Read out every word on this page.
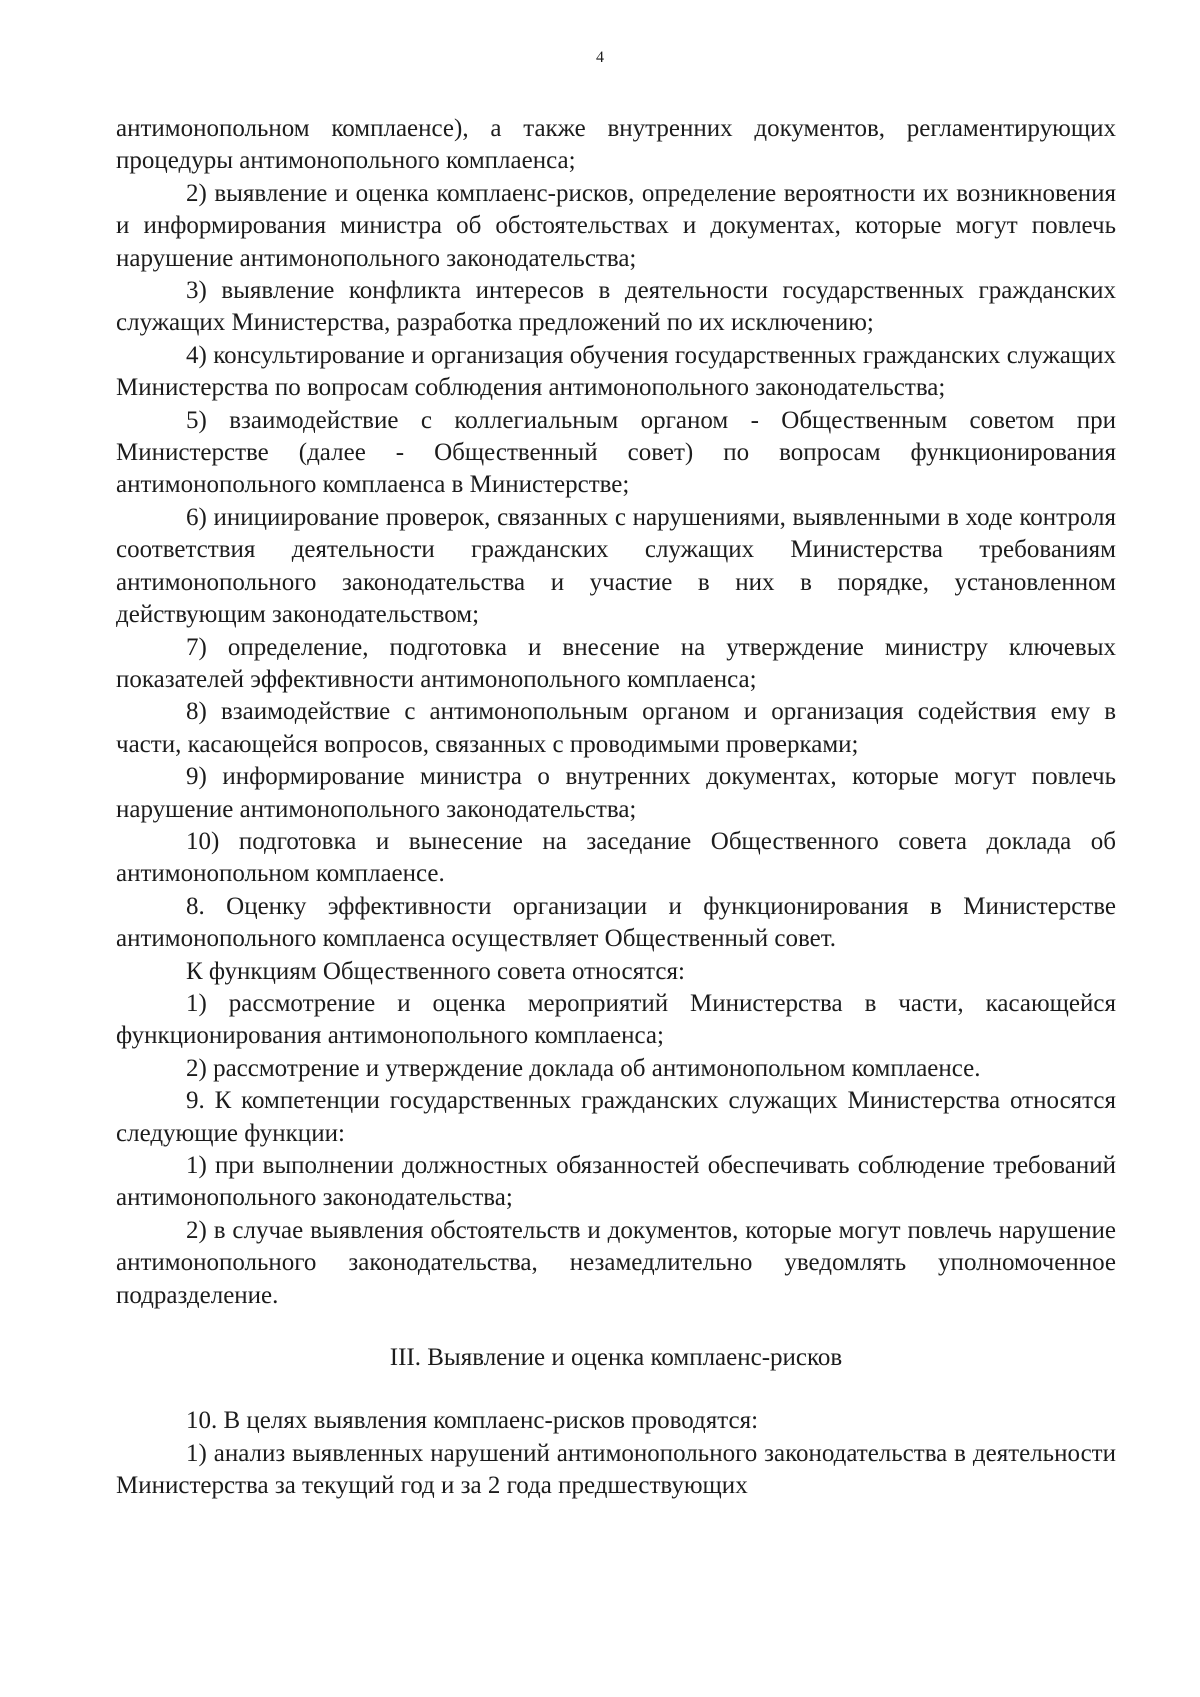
4

антимонопольном комплаенсе), а также внутренних документов, регламентирующих процедуры антимонопольного комплаенса;

2) выявление и оценка комплаенс-рисков, определение вероятности их возникновения и информирования министра об обстоятельствах и документах, которые могут повлечь нарушение антимонопольного законодательства;

3) выявление конфликта интересов в деятельности государственных гражданских служащих Министерства, разработка предложений по их исключению;

4) консультирование и организация обучения государственных гражданских служащих Министерства по вопросам соблюдения антимонопольного законодательства;

5) взаимодействие с коллегиальным органом - Общественным советом при Министерстве (далее - Общественный совет) по вопросам функционирования антимонопольного комплаенса в Министерстве;

6) инициирование проверок, связанных с нарушениями, выявленными в ходе контроля соответствия деятельности гражданских служащих Министерства требованиям антимонопольного законодательства и участие в них в порядке, установленном действующим законодательством;

7) определение, подготовка и внесение на утверждение министру ключевых показателей эффективности антимонопольного комплаенса;

8) взаимодействие с антимонопольным органом и организация содействия ему в части, касающейся вопросов, связанных с проводимыми проверками;

9) информирование министра о внутренних документах, которые могут повлечь нарушение антимонопольного законодательства;

10) подготовка и вынесение на заседание Общественного совета доклада об антимонопольном комплаенсе.

8. Оценку эффективности организации и функционирования в Министерстве антимонопольного комплаенса осуществляет Общественный совет.

К функциям Общественного совета относятся:

1) рассмотрение и оценка мероприятий Министерства в части, касающейся функционирования антимонопольного комплаенса;

2) рассмотрение и утверждение доклада об антимонопольном комплаенсе.

9. К компетенции государственных гражданских служащих Министерства относятся следующие функции:

1) при выполнении должностных обязанностей обеспечивать соблюдение требований антимонопольного законодательства;

2) в случае выявления обстоятельств и документов, которые могут повлечь нарушение антимонопольного законодательства, незамедлительно уведомлять уполномоченное подразделение.

III. Выявление и оценка комплаенс-рисков

10. В целях выявления комплаенс-рисков проводятся:

1) анализ выявленных нарушений антимонопольного законодательства в деятельности Министерства за текущий год и за 2 года предшествующих
